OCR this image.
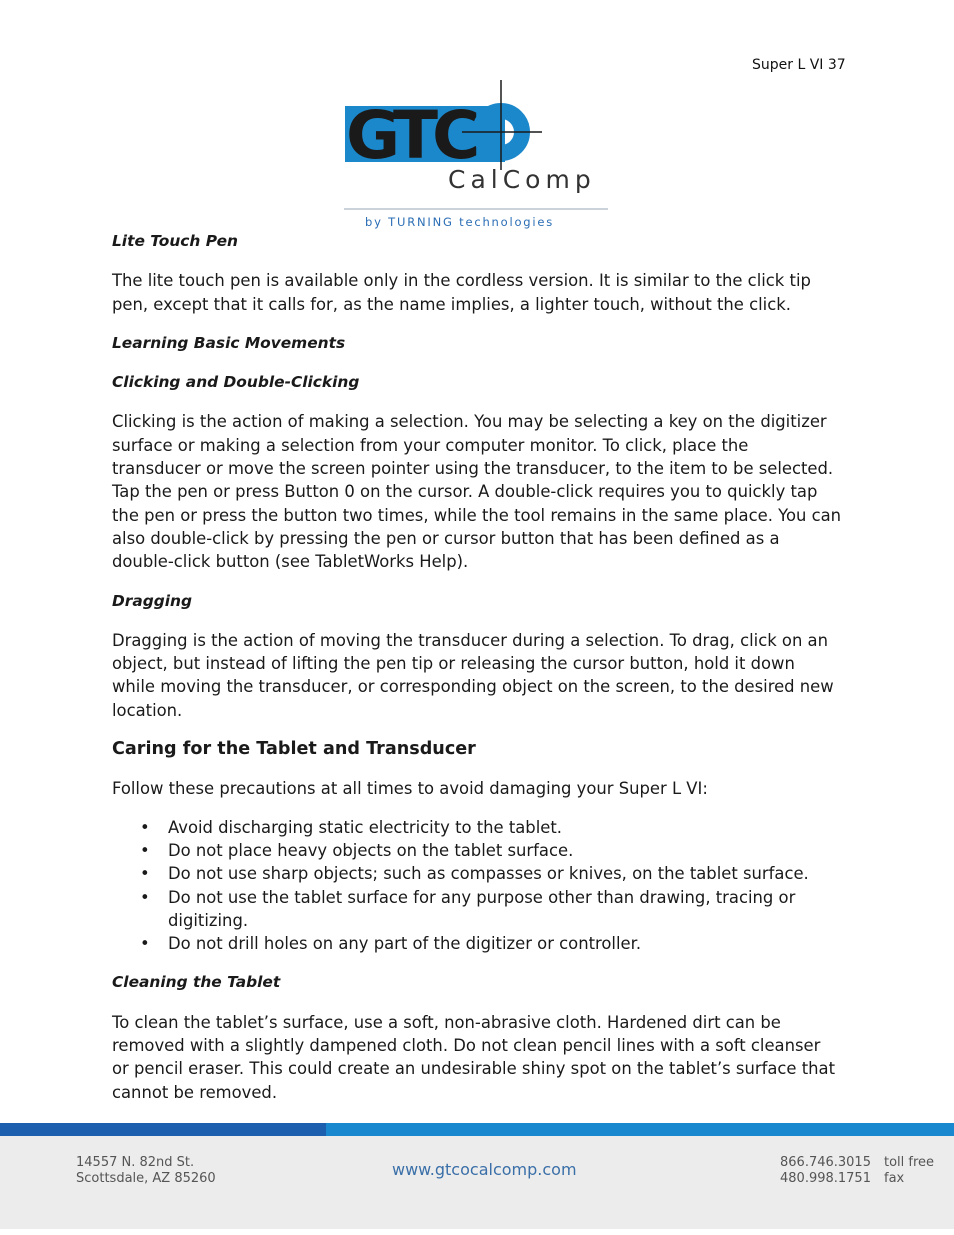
Super L VI 37
GTC
CalComp
by TURNING technologies

Lite Touch Pen

The lite touch pen is available only in the cordless version. It is similar to the click tip pen, except that it calls for, as the name implies, a lighter touch, without the click.

Learning Basic Movements

Clicking and Double-Clicking

Clicking is the action of making a selection. You may be selecting a key on the digitizer surface or making a selection from your computer monitor. To click, place the transducer or move the screen pointer using the transducer, to the item to be selected. Tap the pen or press Button 0 on the cursor. A double-click requires you to quickly tap the pen or press the button two times, while the tool remains in the same place. You can also double-click by pressing the pen or cursor button that has been defined as a double-click button (see TabletWorks Help).

Dragging

Dragging is the action of moving the transducer during a selection. To drag, click on an object, but instead of lifting the pen tip or releasing the cursor button, hold it down while moving the transducer, or corresponding object on the screen, to the desired new location.

Caring for the Tablet and Transducer

Follow these precautions at all times to avoid damaging your Super L VI:

• Avoid discharging static electricity to the tablet.
• Do not place heavy objects on the tablet surface.
• Do not use sharp objects; such as compasses or knives, on the tablet surface.
• Do not use the tablet surface for any purpose other than drawing, tracing or digitizing.
• Do not drill holes on any part of the digitizer or controller.

Cleaning the Tablet

To clean the tablet’s surface, use a soft, non-abrasive cloth. Hardened dirt can be removed with a slightly dampened cloth. Do not clean pencil lines with a soft cleanser or pencil eraser. This could create an undesirable shiny spot on the tablet’s surface that cannot be removed.

14557 N. 82nd St.
Scottsdale, AZ 85260	www.gtcocalcomp.com	866.746.3015
480.998.1751
toll free
fax
